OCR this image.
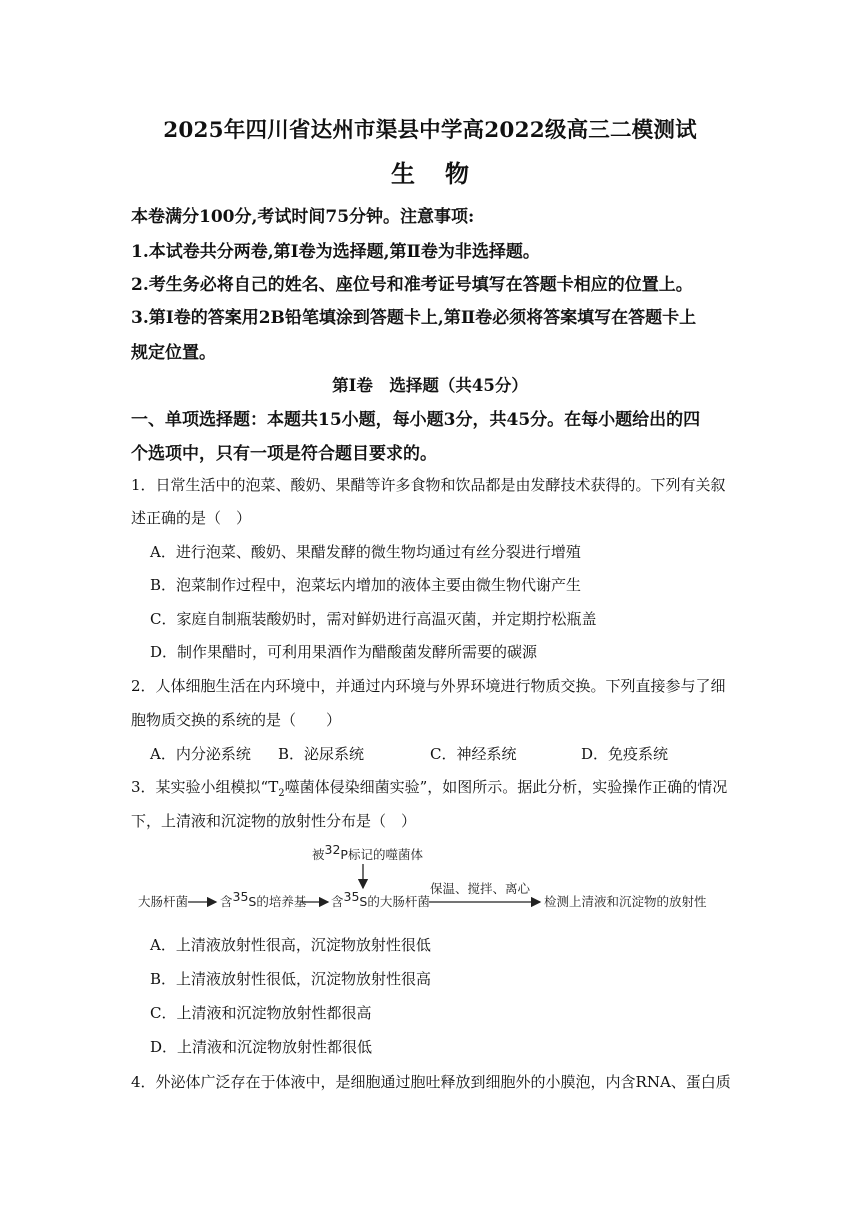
2025年四川省达州市渠县中学高2022级高三二模测试
生 物
本卷满分100分,考试时间75分钟。注意事项:
1.本试卷共分两卷,第Ⅰ卷为选择题,第Ⅱ卷为非选择题。
2.考生务必将自己的姓名、座位号和准考证号填写在答题卡相应的位置上。
3.第Ⅰ卷的答案用2B铅笔填涂到答题卡上,第Ⅱ卷必须将答案填写在答题卡上
规定位置。
第Ⅰ卷　选择题（共45分）
一、单项选择题：本题共15小题，每小题3分，共45分。在每小题给出的四
个选项中，只有一项是符合题目要求的。
1．日常生活中的泡菜、酸奶、果醋等许多食物和饮品都是由发酵技术获得的。下列有关叙
述正确的是（　）
A．进行泡菜、酸奶、果醋发酵的微生物均通过有丝分裂进行增殖
B．泡菜制作过程中，泡菜坛内增加的液体主要由微生物代谢产生
C．家庭自制瓶装酸奶时，需对鲜奶进行高温灭菌，并定期拧松瓶盖
D．制作果醋时，可利用果酒作为醋酸菌发酵所需要的碳源
2．人体细胞生活在内环境中，并通过内环境与外界环境进行物质交换。下列直接参与了细
胞物质交换的系统的是（　　）
A．内分泌系统 B．泌尿系统	C．神经系统	D．免疫系统
3．某实验小组模拟“$T_2$噬菌体侵染细菌实验”，如图所示。据此分析，实验操作正确的情况
下，上清液和沉淀物的放射性分布是（　）
被32P标记的噬菌体
大肠杆菌	含35S的培养基 含35S的大肠杆菌
保温、搅拌、离心
检测上清液和沉淀物的放射性
A．上清液放射性很高，沉淀物放射性很低
B．上清液放射性很低，沉淀物放射性很高
C．上清液和沉淀物放射性都很高
D．上清液和沉淀物放射性都很低
4．外泌体广泛存在于体液中，是细胞通过胞吐释放到细胞外的小膜泡，内含RNA、蛋白质
